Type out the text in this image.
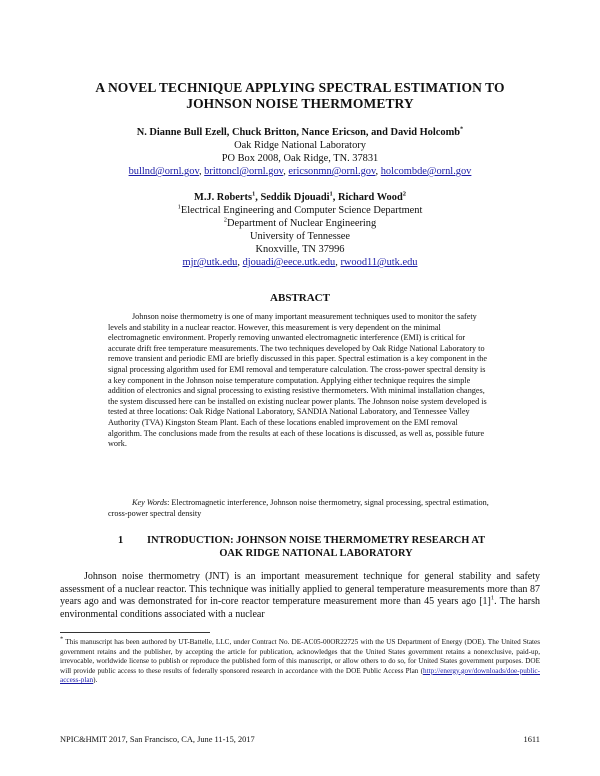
A NOVEL TECHNIQUE APPLYING SPECTRAL ESTIMATION TO
JOHNSON NOISE THERMOMETRY
N. Dianne Bull Ezell, Chuck Britton, Nance Ericson, and David Holcomb*
Oak Ridge National Laboratory
PO Box 2008, Oak Ridge, TN. 37831
bullnd@ornl.gov, brittoncl@ornl.gov, ericsonmn@ornl.gov, holcombde@ornl.gov
M.J. Roberts$^1$, Seddik Djouadi$^1$, Richard Wood$^2$
$^1$Electrical Engineering and Computer Science Department
$^2$Department of Nuclear Engineering
University of Tennessee
Knoxville, TN 37996
mjr@utk.edu, djouadi@eece.utk.edu, rwood11@utk.edu
ABSTRACT

Johnson noise thermometry is one of many important measurement techniques used to monitor the safety levels and stability in a nuclear reactor. However, this measurement is very dependent on the minimal electromagnetic environment. Properly removing unwanted electromagnetic interference (EMI) is critical for accurate drift free temperature measurements. The two techniques developed by Oak Ridge National Laboratory to remove transient and periodic EMI are briefly discussed in this paper. Spectral estimation is a key component in the signal processing algorithm used for EMI removal and temperature calculation. The cross-power spectral density is a key component in the Johnson noise temperature computation. Applying either technique requires the simple addition of electronics and signal processing to existing resistive thermometers. With minimal installation changes, the system discussed here can be installed on existing nuclear power plants. The Johnson noise system developed is tested at three locations: Oak Ridge National Laboratory, SANDIA National Laboratory, and Tennessee Valley Authority (TVA) Kingston Steam Plant. Each of these locations enabled improvement on the EMI removal algorithm. The conclusions made from the results at each of these locations is discussed, as well as, possible future work.

Key Words: Electromagnetic interference, Johnson noise thermometry, signal processing, spectral estimation, cross-power spectral density
1	INTRODUCTION: JOHNSON NOISE THERMOMETRY RESEARCH AT
OAK RIDGE NATIONAL LABORATORY

Johnson noise thermometry (JNT) is an important measurement technique for general stability and safety assessment of a nuclear reactor. This technique was initially applied to general temperature measurements more than 87 years ago and was demonstrated for in-core reactor temperature measurement more than 45 years ago $[1]^1$. The harsh environmental conditions associated with a nuclear

* This manuscript has been authored by UT-Battelle, LLC, under Contract No. DE-AC05-00OR22725 with the US Department of Energy (DOE). The United States government retains and the publisher, by accepting the article for publication, acknowledges that the United States government retains a nonexclusive, paid-up, irrevocable, worldwide license to publish or reproduce the published form of this manuscript, or allow others to do so, for United States government purposes. DOE will provide public access to these results of federally sponsored research in accordance with the DOE Public Access Plan (http://energy.gov/downloads/doe-public-access-plan).
NPIC&HMIT 2017, San Francisco, CA, June 11-15, 2017	1611
